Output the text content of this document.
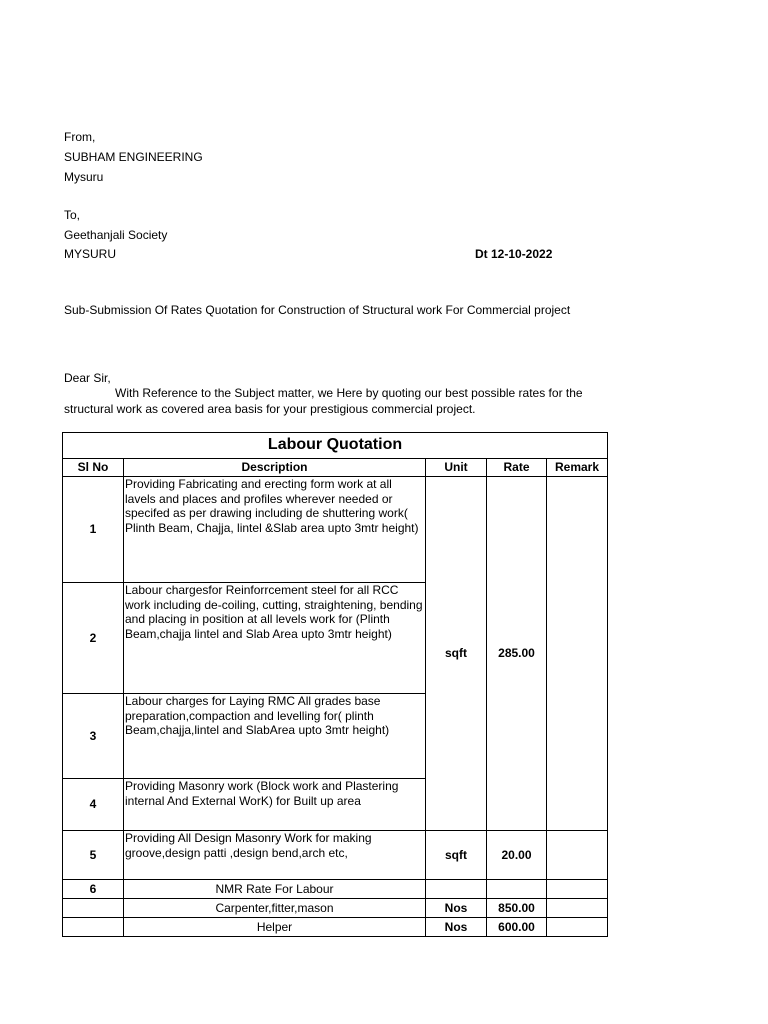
From,
SUBHAM ENGINEERING
Mysuru
To,
Geethanjali Society
MYSURU	Dt 12-10-2022
Sub-Submission Of Rates Quotation for Construction of Structural work For Commercial project
Dear Sir,
With Reference to the Subject matter, we Here by quoting our best possible rates for the structural work as covered area basis for your prestigious commercial project.
Labour Quotation				
Sl No	Description	Unit	Rate	Remark
1	Providing Fabricating and erecting form work at all lavels and places and profiles wherever needed or specifed as per drawing including de shuttering work( Plinth Beam, Chajja, lintel &Slab area upto 3mtr height)	sqft	285.00	
2	Labour chargesfor Reinforrcement steel for all RCC work including de-coiling, cutting, straightening, bending and placing in position at all levels work for (Plinth Beam,chajja lintel and Slab Area upto 3mtr height)			
3	Labour charges for Laying RMC All grades base preparation,compaction and levelling for( plinth Beam,chajja,lintel and SlabArea upto 3mtr height)			
4	Providing Masonry work (Block work and Plastering internal And External WorK) for Built up area			
5	Providing All Design Masonry Work for making groove,design patti ,design bend,arch etc,	sqft	20.00	
6	NMR Rate For Labour			
	Carpenter,fitter,mason	Nos	850.00	
	Helper	Nos	600.00	
